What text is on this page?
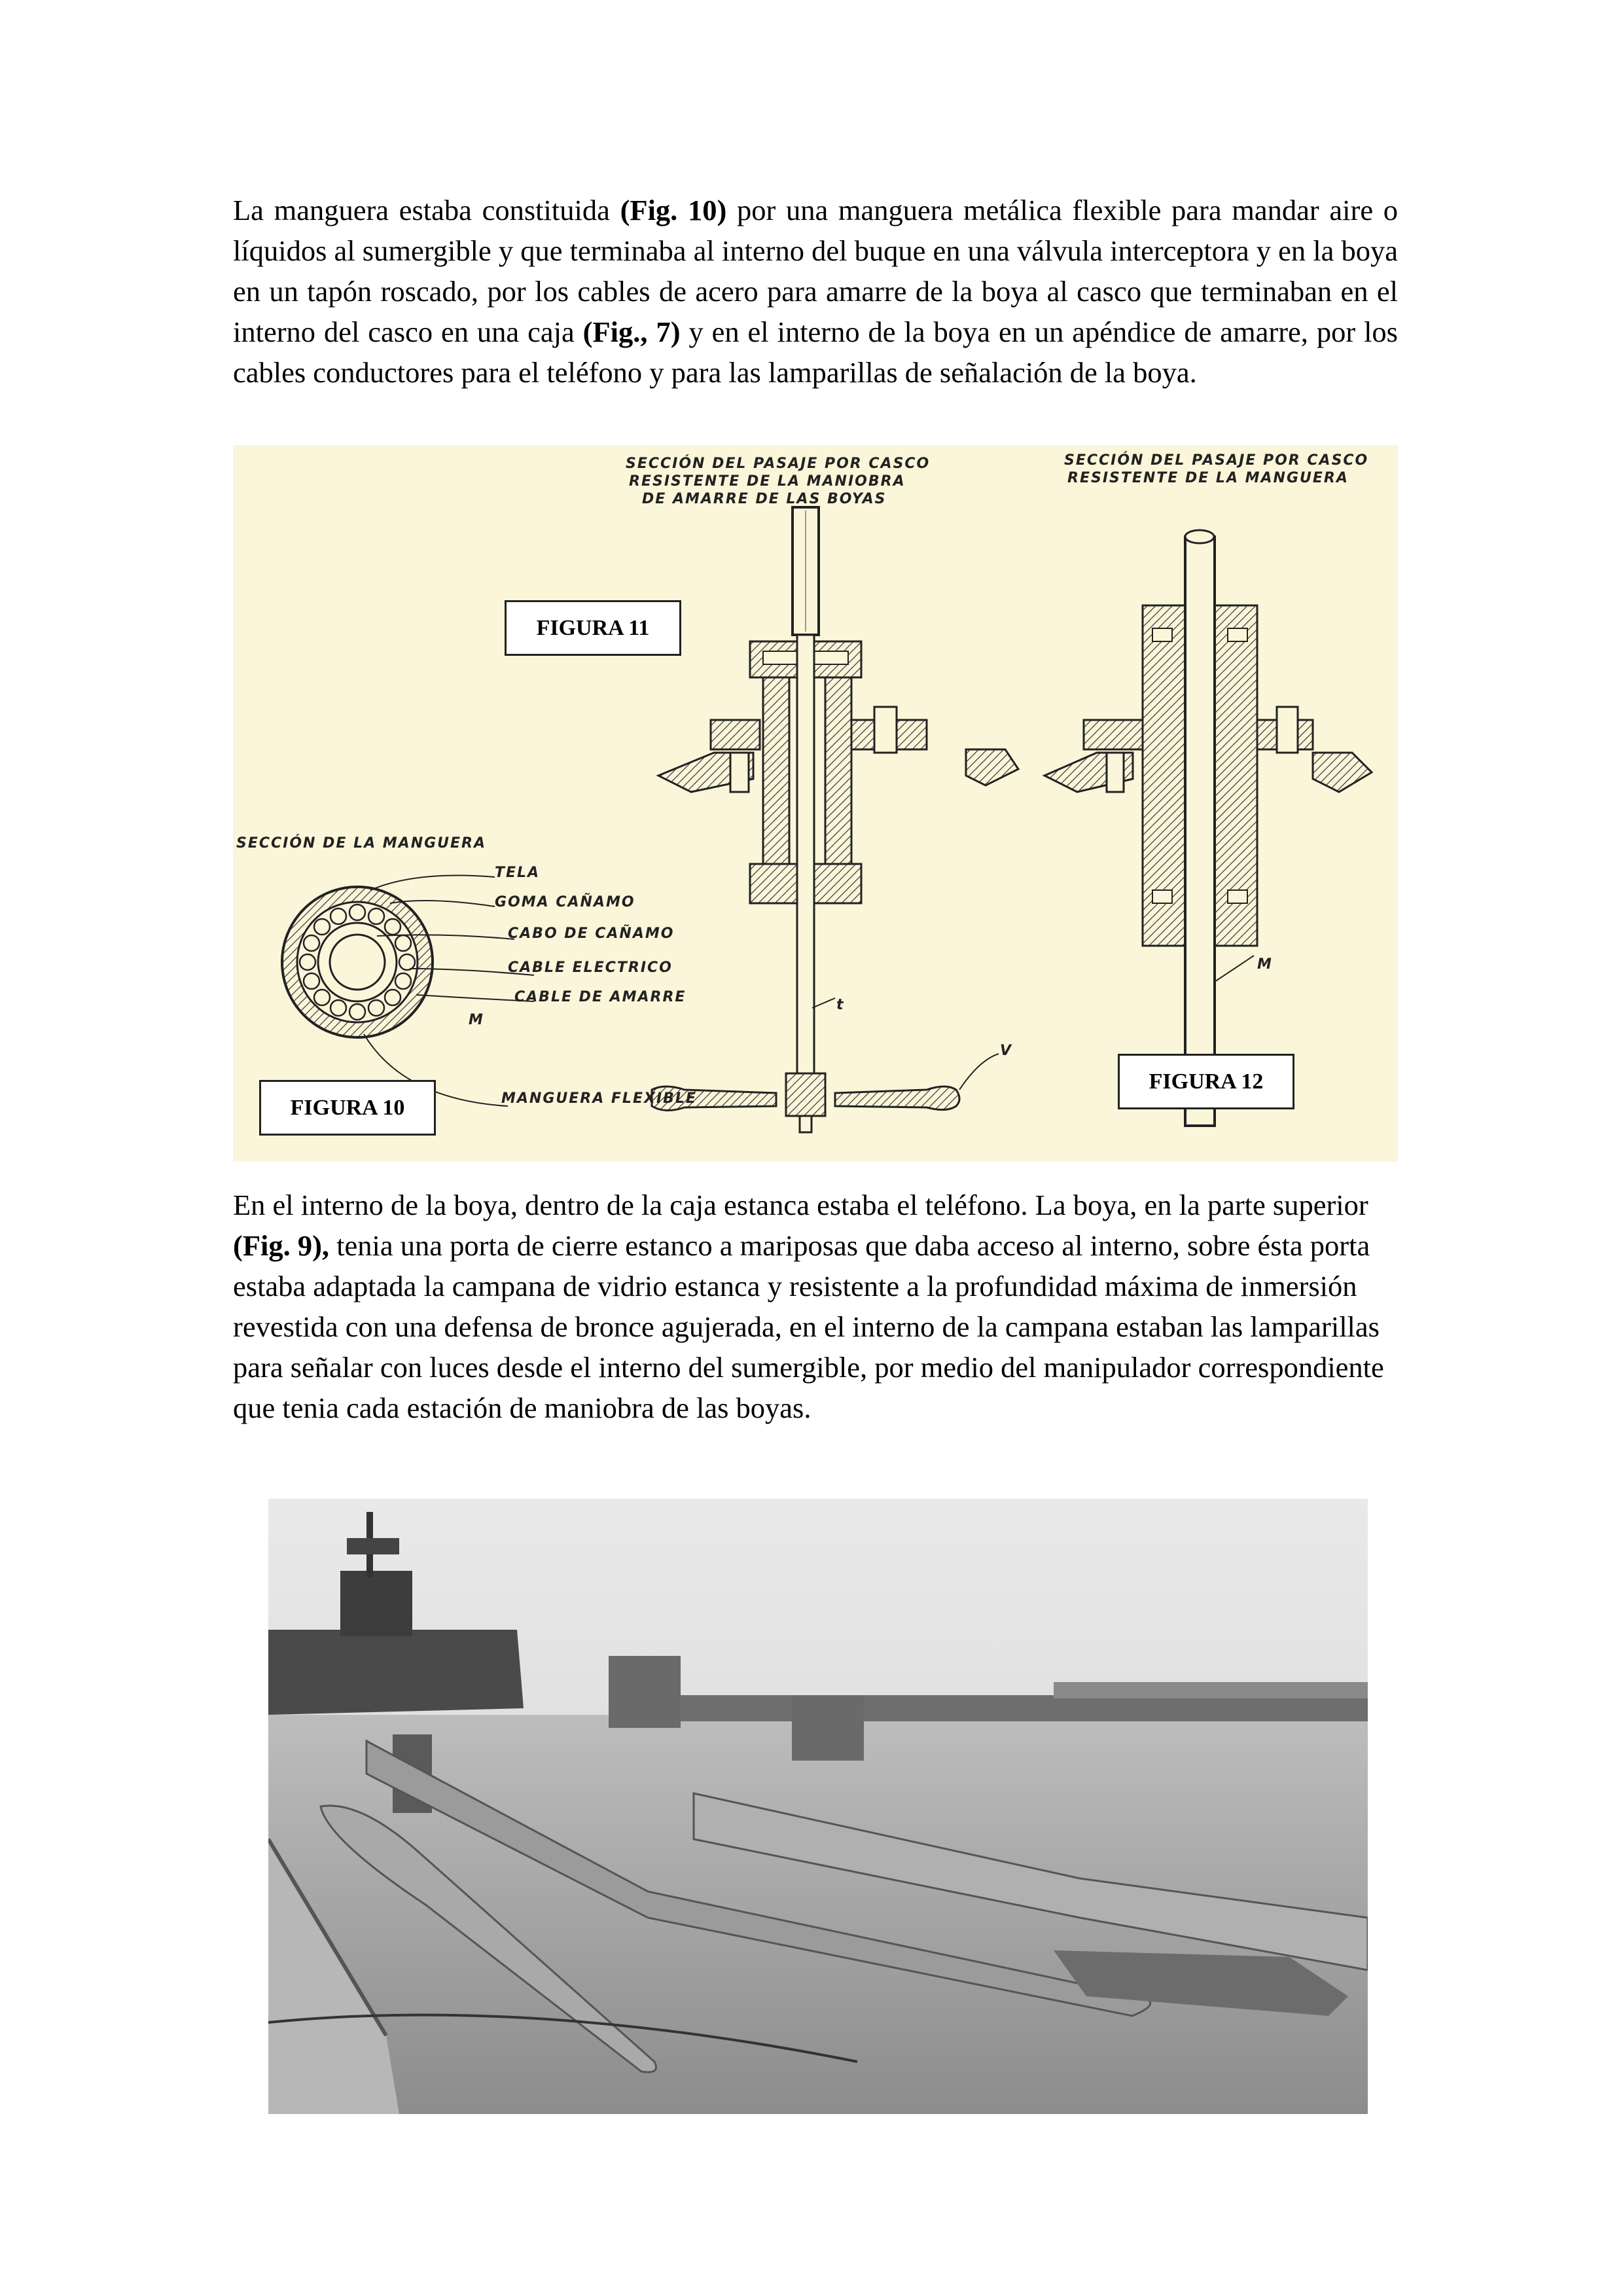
La manguera estaba constituida (Fig. 10) por una manguera metálica flexible para mandar aire o líquidos al sumergible y que terminaba al interno del buque en una válvula interceptora y en la boya en un tapón roscado, por los cables de acero para amarre de la boya al casco que terminaban en el interno del casco en una caja (Fig., 7) y en el interno de la boya en un apéndice de amarre, por los cables conductores para el teléfono y para las lamparillas de señalación de la boya.

SECCIÓN DEL PASAJE POR CASCO
RESISTENTE DE LA MANIOBRA
DE AMARRE DE LAS BOYAS
t
V
SECCIÓN DEL PASAJE POR CASCO
RESISTENTE DE LA MANGUERA
M
SECCIÓN DE LA MANGUERA
TELA
GOMA CAÑAMO
CABO DE CAÑAMO
CABLE ELECTRICO
CABLE DE AMARRE
MANGUERA FLEXIBLE
M
FIGURA 11
FIGURA 10
FIGURA 12

En el interno de la boya, dentro de la caja estanca estaba el teléfono. La boya, en la parte superior (Fig. 9), tenia una porta de cierre estanco a mariposas que daba acceso al interno, sobre ésta porta estaba adaptada la campana de vidrio estanca y resistente a la profundidad máxima de inmersión revestida con una defensa de bronce agujerada, en el interno de la campana estaban las lamparillas para señalar con luces desde el interno del sumergible, por medio del manipulador correspondiente que tenia cada estación de maniobra de las boyas.
